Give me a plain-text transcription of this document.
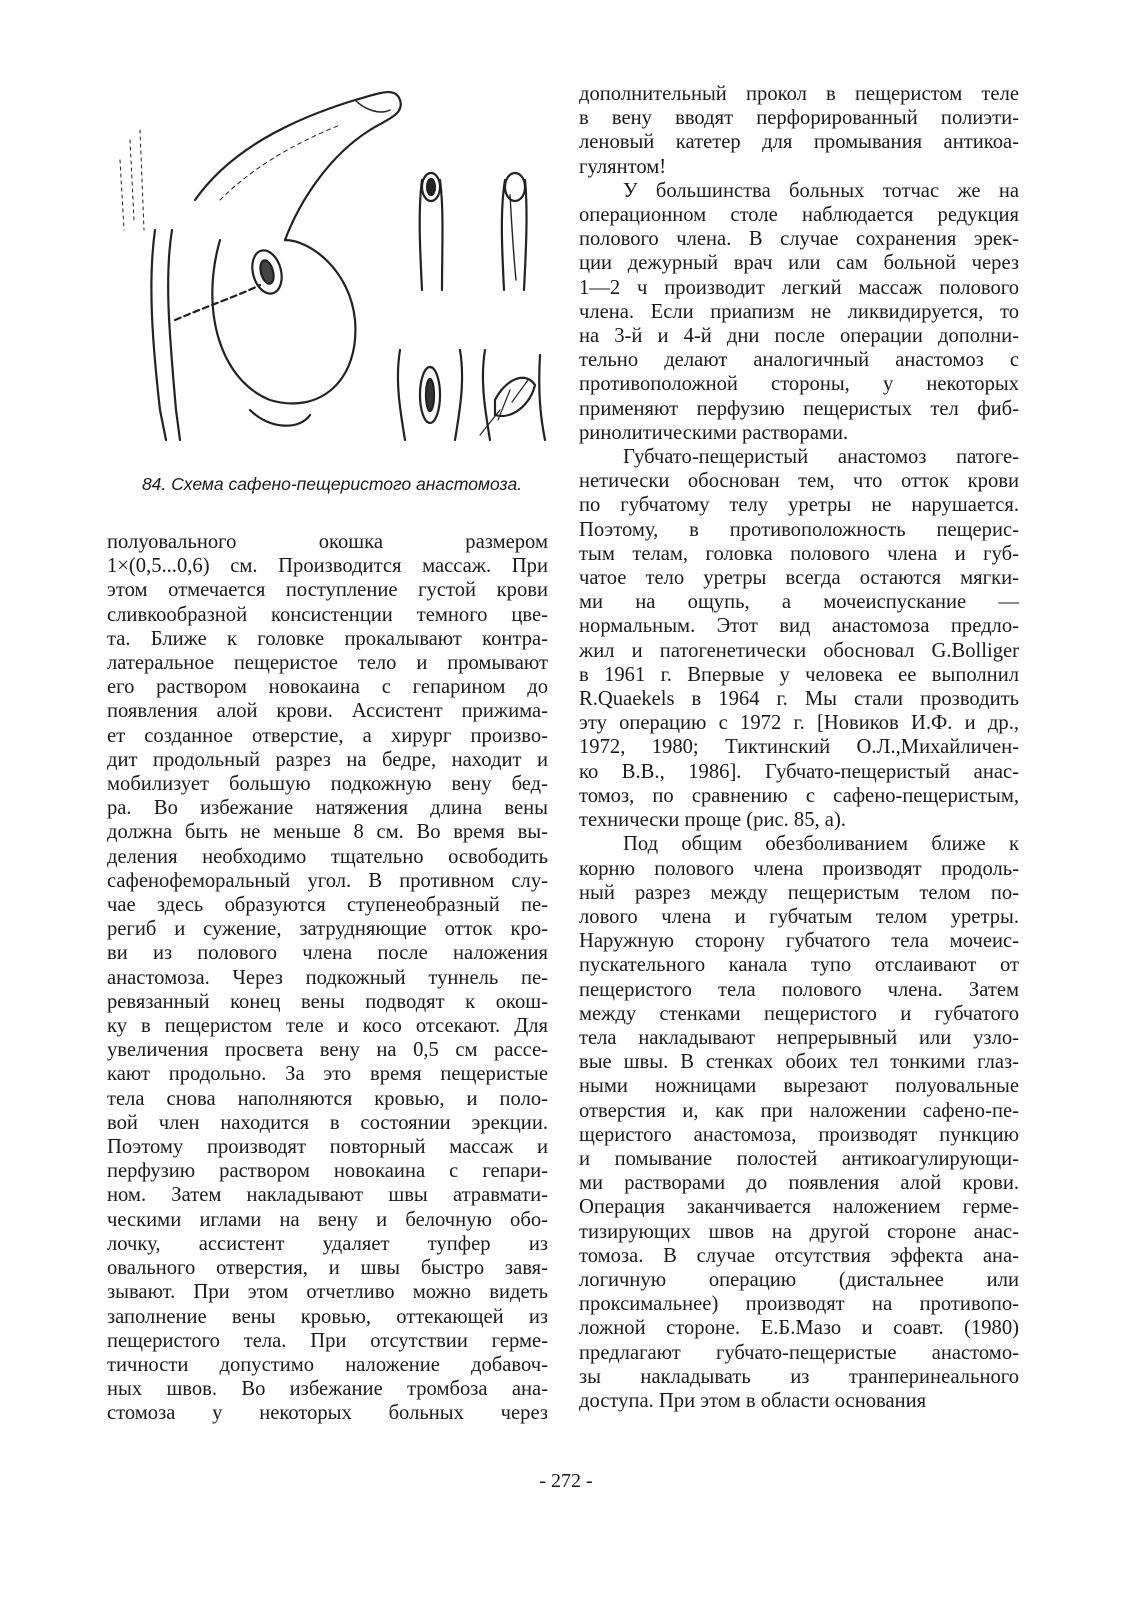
84. Схема сафено-пещеристого анастомоза.

полуовального окошка размером
1×(0,5...0,6) см. Производится массаж. При
этом отмечается поступление густой крови
сливкообразной консистенции темного цве-
та. Ближе к головке прокалывают контра-
латеральное пещеристое тело и промывают
его раствором новокаина с гепарином до
появления алой крови. Ассистент прижима-
ет созданное отверстие, а хирург произво-
дит продольный разрез на бедре, находит и
мобилизует большую подкожную вену бед-
ра. Во избежание натяжения длина вены
должна быть не меньше 8 см. Во время вы-
деления необходимо тщательно освободить
сафенофеморальный угол. В противном слу-
чае здесь образуются ступенеобразный пе-
региб и сужение, затрудняющие отток кро-
ви из полового члена после наложения
анастомоза. Через подкожный туннель пе-
ревязанный конец вены подводят к окош-
ку в пещеристом теле и косо отсекают. Для
увеличения просвета вену на 0,5 см рассе-
кают продольно. За это время пещеристые
тела снова наполняются кровью, и поло-
вой член находится в состоянии эрекции.
Поэтому производят повторный массаж и
перфузию раствором новокаина с гепари-
ном. Затем накладывают швы атравмати-
ческими иглами на вену и белочную обо-
лочку, ассистент удаляет тупфер из
овального отверстия, и швы быстро завя-
зывают. При этом отчетливо можно видеть
заполнение вены кровью, оттекающей из
пещеристого тела. При отсутствии герме-
тичности допустимо наложение добавоч-
ных швов. Во избежание тромбоза ана-
стомоза у некоторых больных через

дополнительный прокол в пещеристом теле
в вену вводят перфорированный полиэти-
леновый катетер для промывания антикоа-
гулянтом!

У большинства больных тотчас же на
операционном столе наблюдается редукция
полового члена. В случае сохранения эрек-
ции дежурный врач или сам больной через
1—2 ч производит легкий массаж полового
члена. Если приапизм не ликвидируется, то
на 3-й и 4-й дни после операции дополни-
тельно делают аналогичный анастомоз с
противоположной стороны, у некоторых
применяют перфузию пещеристых тел фиб-
ринолитическими растворами.

Губчато-пещеристый анастомоз патоге-
нетически обоснован тем, что отток крови
по губчатому телу уретры не нарушается.
Поэтому, в противоположность пещерис-
тым телам, головка полового члена и губ-
чатое тело уретры всегда остаются мягки-
ми на ощупь, а мочеиспускание —
нормальным. Этот вид анастомоза предло-
жил и патогенетически обосновал G.Bolliger
в 1961 г. Впервые у человека ее выполнил
R.Quaekels в 1964 г. Мы стали прозводить
эту операцию с 1972 г. [Новиков И.Ф. и др.,
1972, 1980; Тиктинский О.Л.,Михайличен-
ко В.В., 1986]. Губчато-пещеристый анас-
томоз, по сравнению с сафено-пещеристым,
технически проще (рис. 85, а).

Под общим обезболиванием ближе к
корню полового члена производят продоль-
ный разрез между пещеристым телом по-
лового члена и губчатым телом уретры.
Наружную сторону губчатого тела мочеис-
пускательного канала тупо отслаивают от
пещеристого тела полового члена. Затем
между стенками пещеристого и губчатого
тела накладывают непрерывный или узло-
вые швы. В стенках обоих тел тонкими глаз-
ными ножницами вырезают полуовальные
отверстия и, как при наложении сафено-пе-
щеристого анастомоза, производят пункцию
и помывание полостей антикоагулирующи-
ми растворами до появления алой крови.
Операция заканчивается наложением герме-
тизирующих швов на другой стороне анас-
томоза. В случае отсутствия эффекта ана-
логичную операцию (дистальнее или
проксимальнее) производят на противопо-
ложной стороне. Е.Б.Мазо и соавт. (1980)
предлагают губчато-пещеристые анастомо-
зы накладывать из транперинеального
доступа. При этом в области основания

- 272 -
